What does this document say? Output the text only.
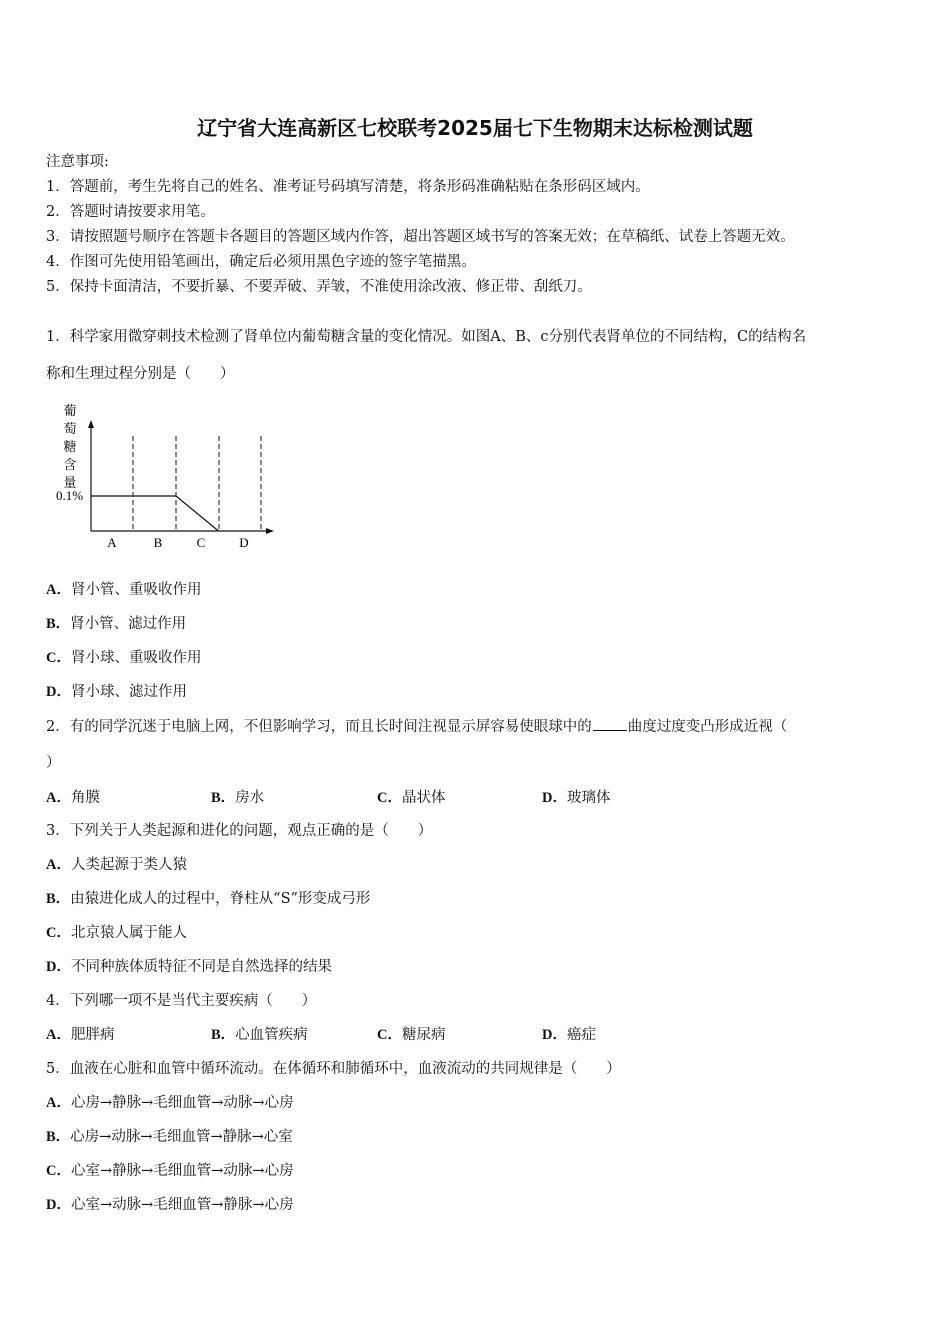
辽宁省大连高新区七校联考2025届七下生物期末达标检测试题
注意事项:
1．答题前，考生先将自己的姓名、准考证号码填写清楚，将条形码准确粘贴在条形码区域内。
2．答题时请按要求用笔。
3．请按照题号顺序在答题卡各题目的答题区域内作答，超出答题区域书写的答案无效；在草稿纸、试卷上答题无效。
4．作图可先使用铅笔画出，确定后必须用黑色字迹的签字笔描黑。
5．保持卡面清洁，不要折暴、不要弄破、弄皱，不准使用涂改液、修正带、刮纸刀。
1．科学家用微穿刺技术检测了肾单位内葡萄糖含量的变化情况。如图A、B、c分别代表肾单位的不同结构，C的结构名
称和生理过程分别是（　　）
葡
萄
糖
含
量
0.1%
A	B	C	D
A．肾小管、重吸收作用
B．肾小管、滤过作用
C．肾小球、重吸收作用
D．肾小球、滤过作用
2．有的同学沉迷于电脑上网，不但影响学习，而且长时间注视显示屏容易使眼球中的 曲度过度变凸形成近视（
）
A．角膜	B．房水	C．晶状体	D．玻璃体
3．下列关于人类起源和进化的问题，观点正确的是（　　）
A．人类起源于类人猿
B．由猿进化成人的过程中，脊柱从“S”形变成弓形
C．北京猿人属于能人
D．不同种族体质特征不同是自然选择的结果
4．下列哪一项不是当代主要疾病（　　）
A．肥胖病	B．心血管疾病	C．糖尿病	D．癌症
5．血液在心脏和血管中循环流动。在体循环和肺循环中，血液流动的共同规律是（　　）
A．心房→静脉→毛细血管→动脉→心房
B．心房→动脉→毛细血管→静脉→心室
C．心室→静脉→毛细血管→动脉→心房
D．心室→动脉→毛细血管→静脉→心房
